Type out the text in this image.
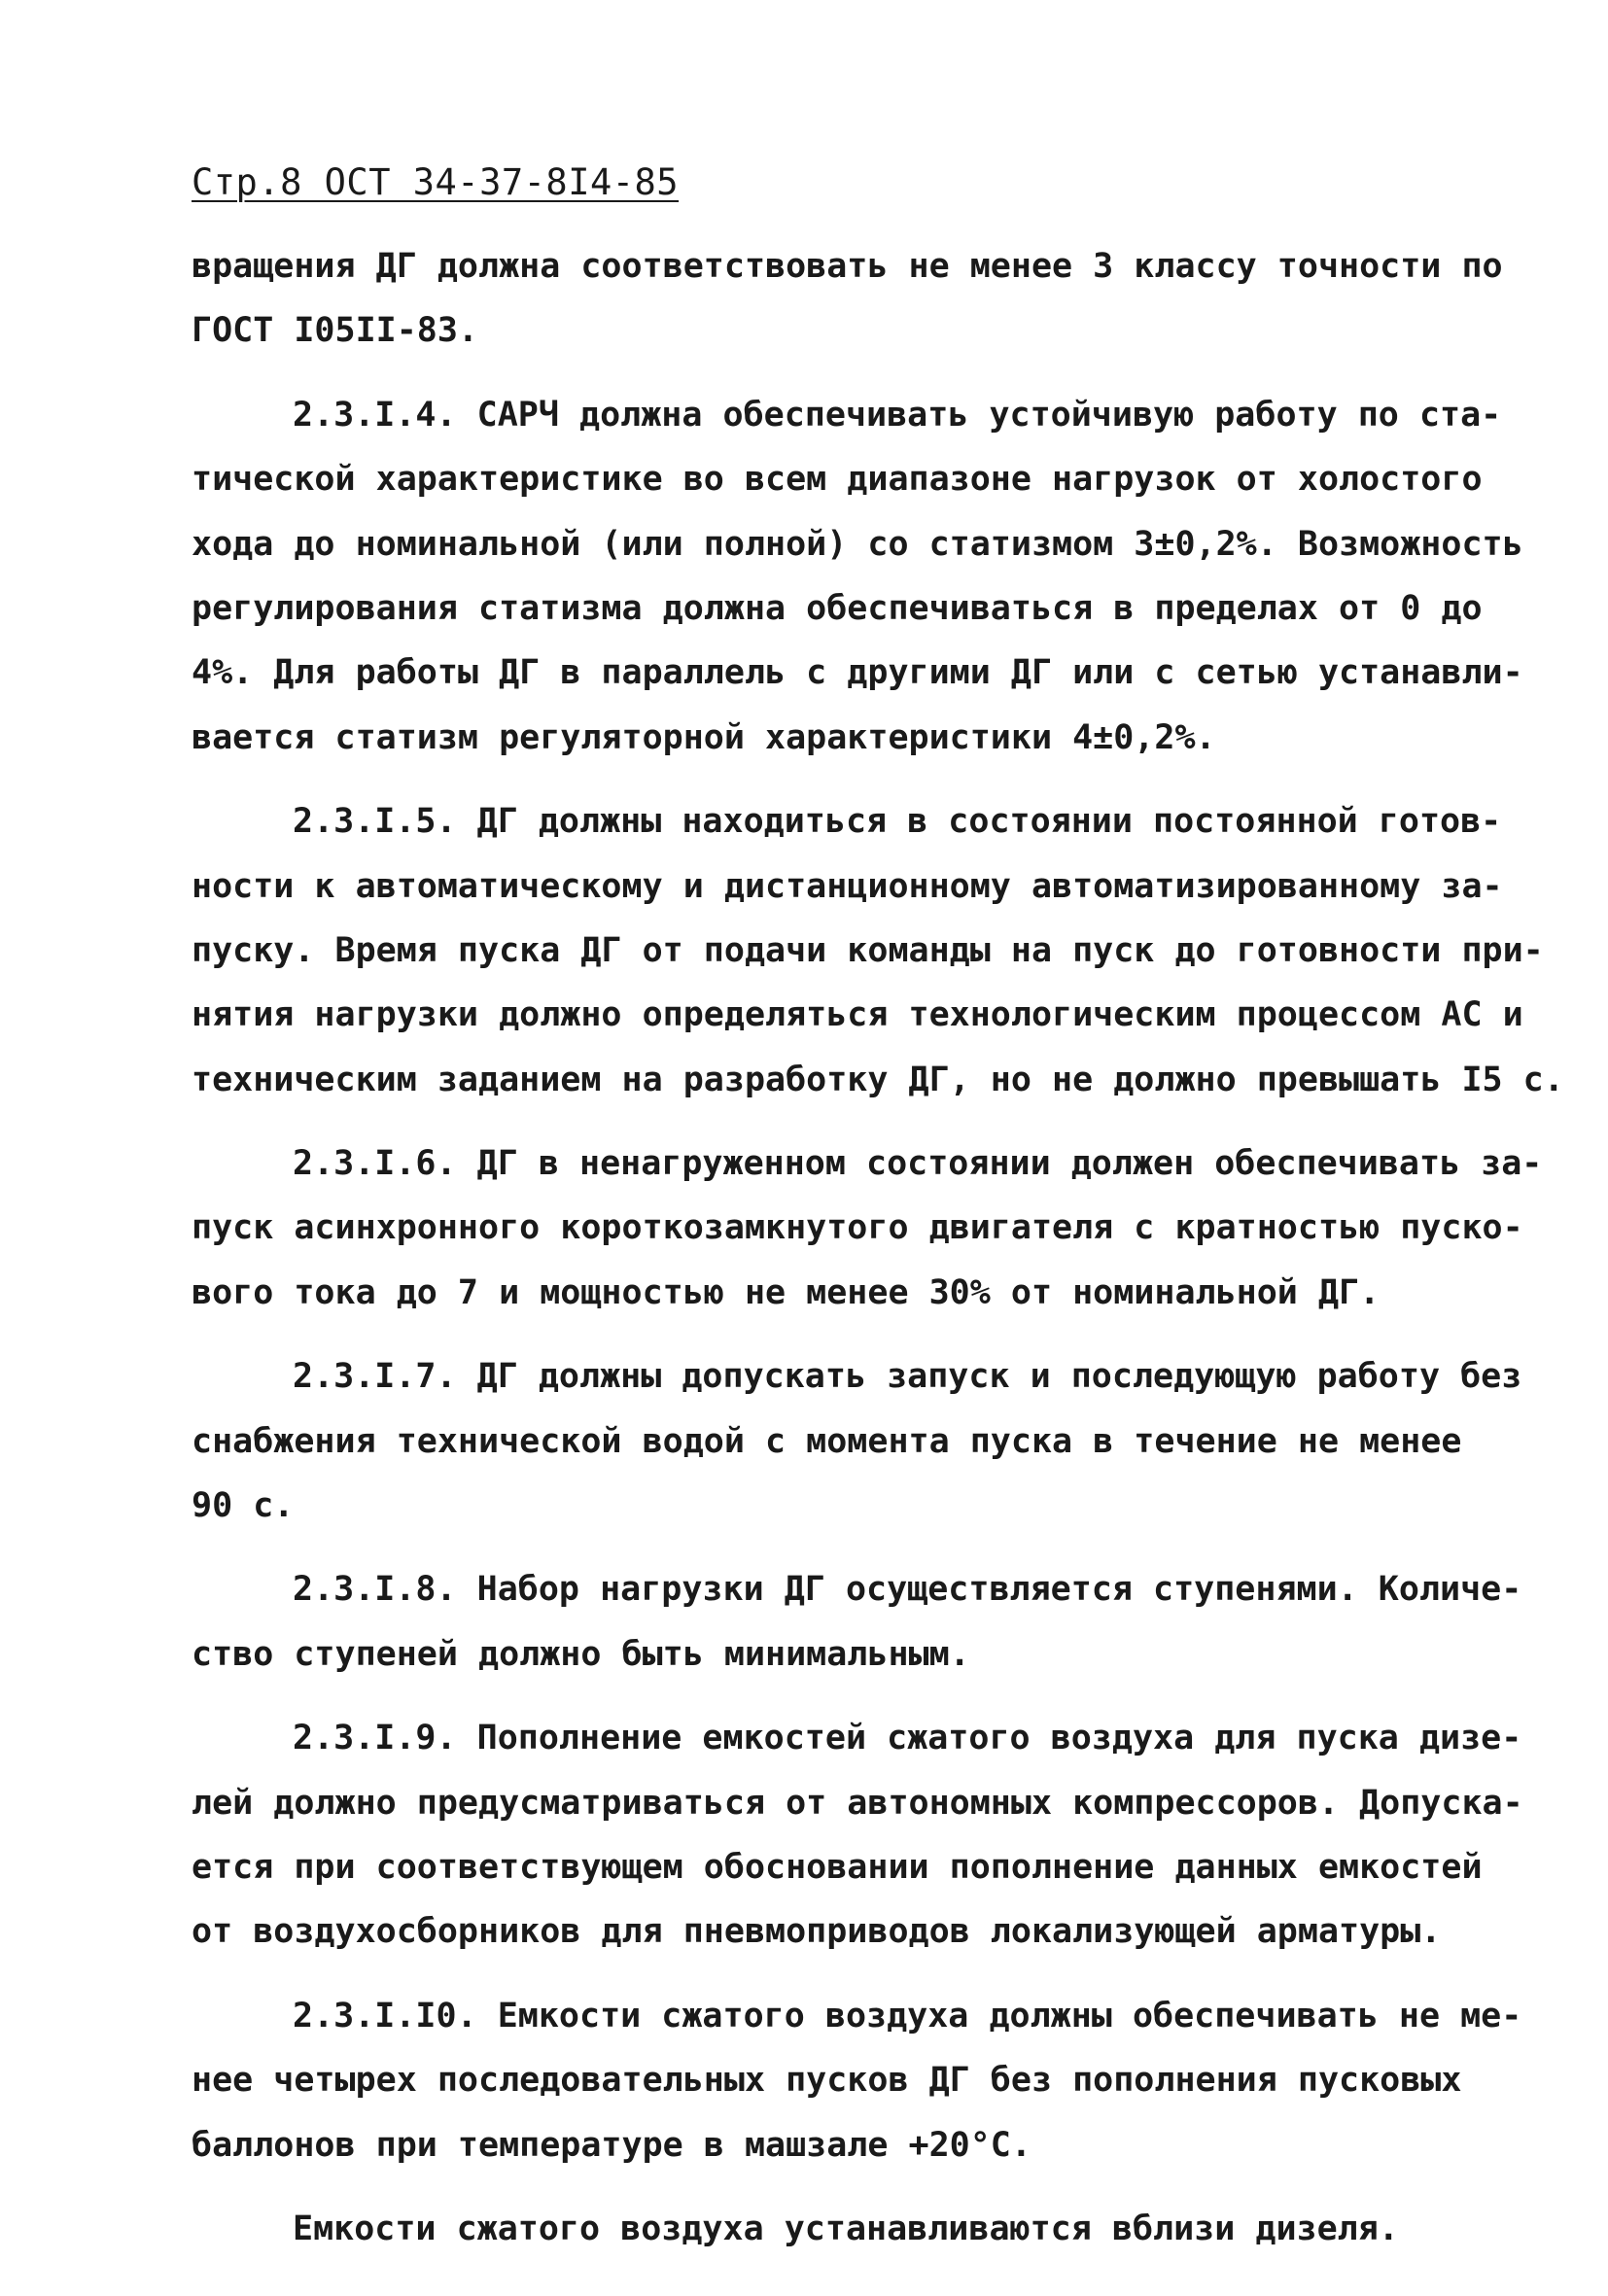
Стр.8 ОСТ 34-37-8I4-85
вращения ДГ должна соответствовать не менее 3 классу точности по
ГОСТ I05II-83.
2.3.I.4. САРЧ должна обеспечивать устойчивую работу по ста-
тической характеристике во всем диапазоне нагрузок от холостого
хода до номинальной (или полной) со статизмом 3±0,2%. Возможность
регулирования статизма должна обеспечиваться в пределах от 0 до
4%. Для работы ДГ в параллель с другими ДГ или с сетью устанавли-
вается статизм регуляторной характеристики 4±0,2%.
2.3.I.5. ДГ должны находиться в состоянии постоянной готов-
ности к автоматическому и дистанционному автоматизированному за-
пуску. Время пуска ДГ от подачи команды на пуск до готовности при-
нятия нагрузки должно определяться технологическим процессом АС и
техническим заданием на разработку ДГ, но не должно превышать I5 с.
2.3.I.6. ДГ в ненагруженном состоянии должен обеспечивать за-
пуск асинхронного короткозамкнутого двигателя с кратностью пуско-
вого тока до 7 и мощностью не менее 30% от номинальной ДГ.
2.3.I.7. ДГ должны допускать запуск и последующую работу без
снабжения технической водой с момента пуска в течение не менее
90 с.
2.3.I.8. Набор нагрузки ДГ осуществляется ступенями. Количе-
ство ступеней должно быть минимальным.
2.3.I.9. Пополнение емкостей сжатого воздуха для пуска дизе-
лей должно предусматриваться от автономных компрессоров. Допуска-
ется при соответствующем обосновании пополнение данных емкостей
от воздухосборников для пневмоприводов локализующей арматуры.
2.3.I.I0. Емкости сжатого воздуха должны обеспечивать не ме-
нее четырех последовательных пусков ДГ без пополнения пусковых
баллонов при температуре в машзале +20°С.
Емкости сжатого воздуха устанавливаются вблизи дизеля.
